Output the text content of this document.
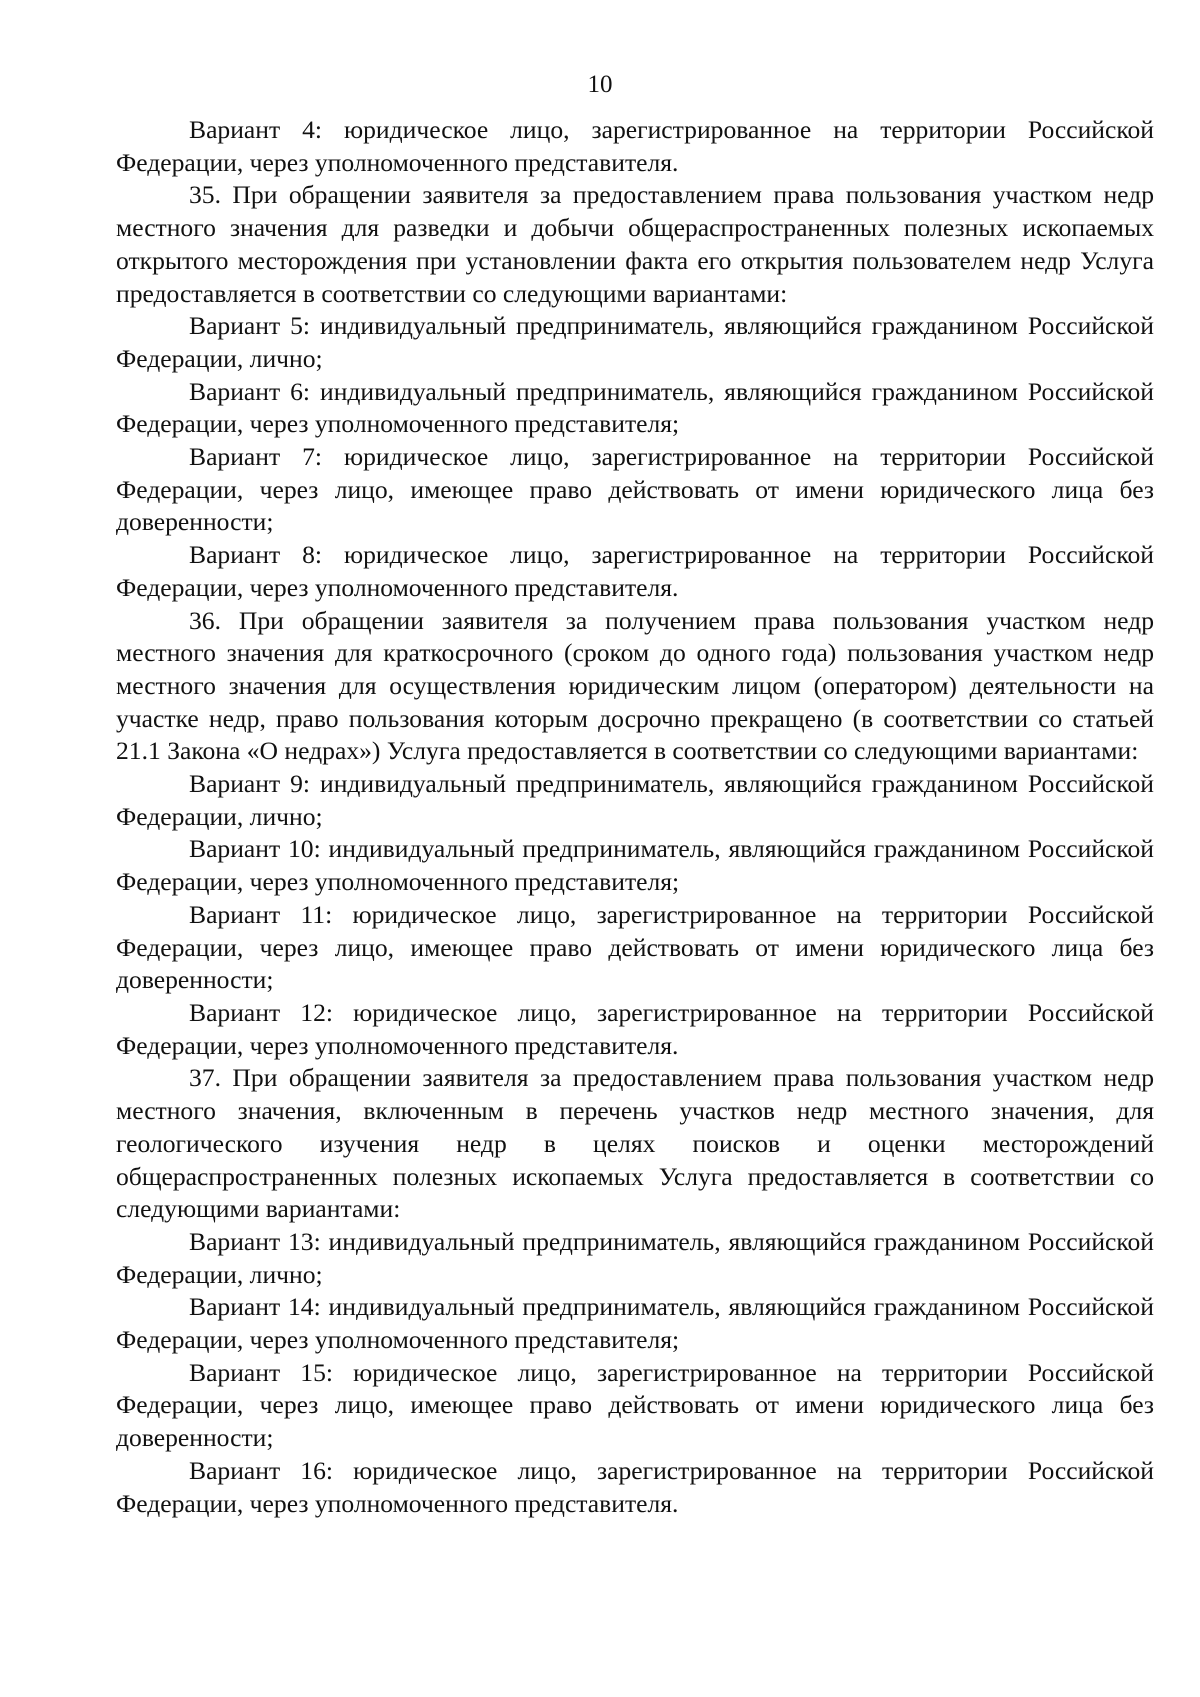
10

Вариант 4: юридическое лицо, зарегистрированное на территории Российской Федерации, через уполномоченного представителя.

35. При обращении заявителя за предоставлением права пользования участком недр местного значения для разведки и добычи общераспространенных полезных ископаемых открытого месторождения при установлении факта его открытия пользователем недр Услуга предоставляется в соответствии со следующими вариантами:

Вариант 5: индивидуальный предприниматель, являющийся гражданином Российской Федерации, лично;

Вариант 6: индивидуальный предприниматель, являющийся гражданином Российской Федерации, через уполномоченного представителя;

Вариант 7: юридическое лицо, зарегистрированное на территории Российской Федерации, через лицо, имеющее право действовать от имени юридического лица без доверенности;

Вариант 8: юридическое лицо, зарегистрированное на территории Российской Федерации, через уполномоченного представителя.

36. При обращении заявителя за получением права пользования участком недр местного значения для краткосрочного (сроком до одного года) пользования участком недр местного значения для осуществления юридическим лицом (оператором) деятельности на участке недр, право пользования которым досрочно прекращено (в соответствии со статьей 21.1 Закона «О недрах») Услуга предоставляется в соответствии со следующими вариантами:

Вариант 9: индивидуальный предприниматель, являющийся гражданином Российской Федерации, лично;

Вариант 10: индивидуальный предприниматель, являющийся гражданином Российской Федерации, через уполномоченного представителя;

Вариант 11: юридическое лицо, зарегистрированное на территории Российской Федерации, через лицо, имеющее право действовать от имени юридического лица без доверенности;

Вариант 12: юридическое лицо, зарегистрированное на территории Российской Федерации, через уполномоченного представителя.

37. При обращении заявителя за предоставлением права пользования участком недр местного значения, включенным в перечень участков недр местного значения, для геологического изучения недр в целях поисков и оценки месторождений общераспространенных полезных ископаемых Услуга предоставляется в соответствии со следующими вариантами:

Вариант 13: индивидуальный предприниматель, являющийся гражданином Российской Федерации, лично;

Вариант 14: индивидуальный предприниматель, являющийся гражданином Российской Федерации, через уполномоченного представителя;

Вариант 15: юридическое лицо, зарегистрированное на территории Российской Федерации, через лицо, имеющее право действовать от имени юридического лица без доверенности;

Вариант 16: юридическое лицо, зарегистрированное на территории Российской Федерации, через уполномоченного представителя.
